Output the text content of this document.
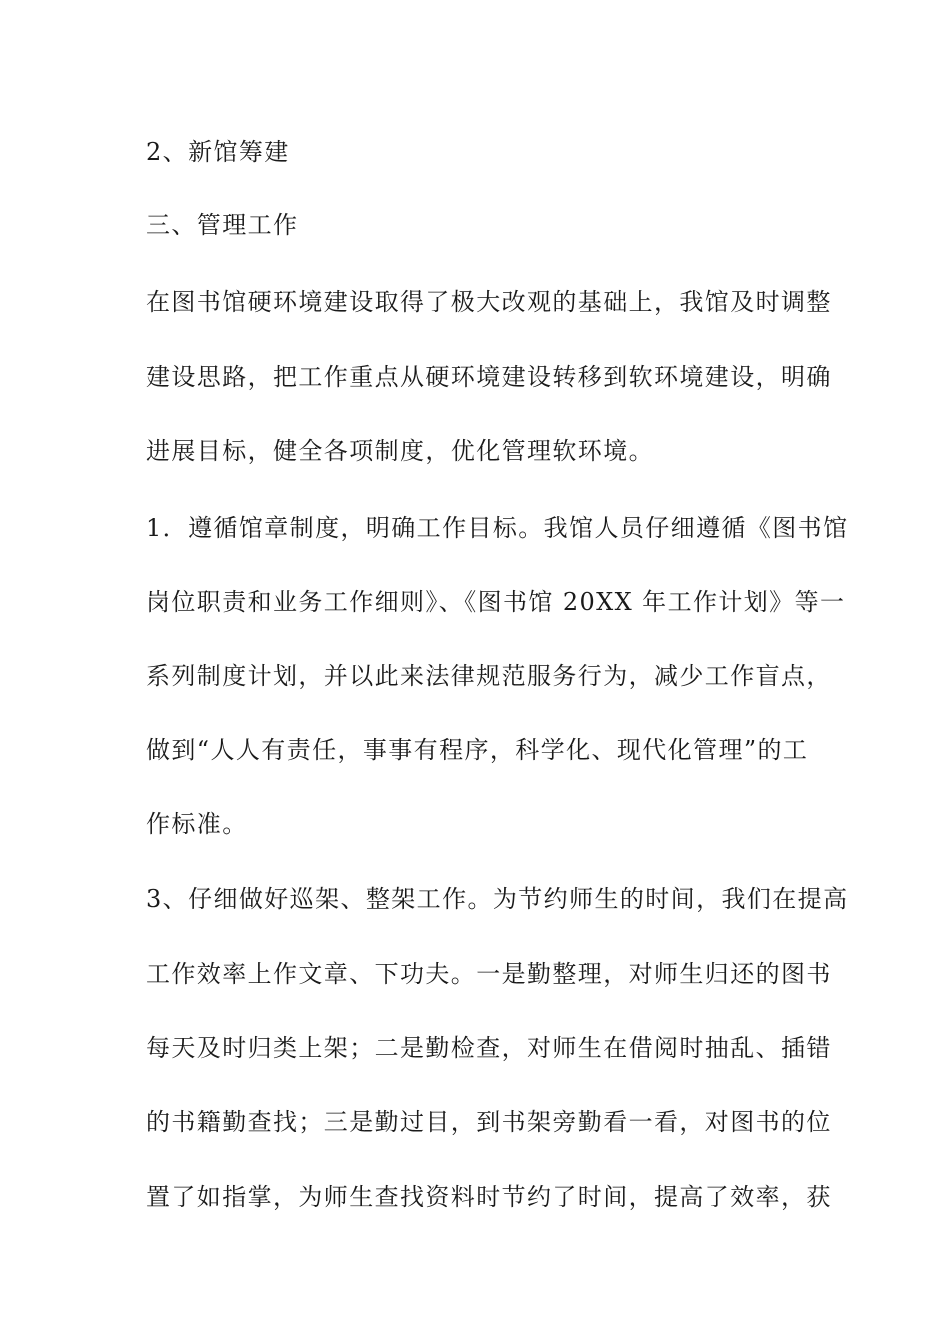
2、新馆筹建
三、管理工作
在图书馆硬环境建设取得了极大改观的基础上，我馆及时调整
建设思路，把工作重点从硬环境建设转移到软环境建设，明确
进展目标，健全各项制度，优化管理软环境。
1．遵循馆章制度，明确工作目标。我馆人员仔细遵循《图书馆
岗位职责和业务工作细则》、《图书馆 20XX 年工作计划》等一
系列制度计划，并以此来法律规范服务行为，减少工作盲点，
做到“人人有责任，事事有程序，科学化、现代化管理”的工
作标准。
3、仔细做好巡架、整架工作。为节约师生的时间，我们在提高
工作效率上作文章、下功夫。一是勤整理，对师生归还的图书
每天及时归类上架；二是勤检查，对师生在借阅时抽乱、插错
的书籍勤查找；三是勤过目，到书架旁勤看一看，对图书的位
置了如指掌，为师生查找资料时节约了时间，提高了效率，获
